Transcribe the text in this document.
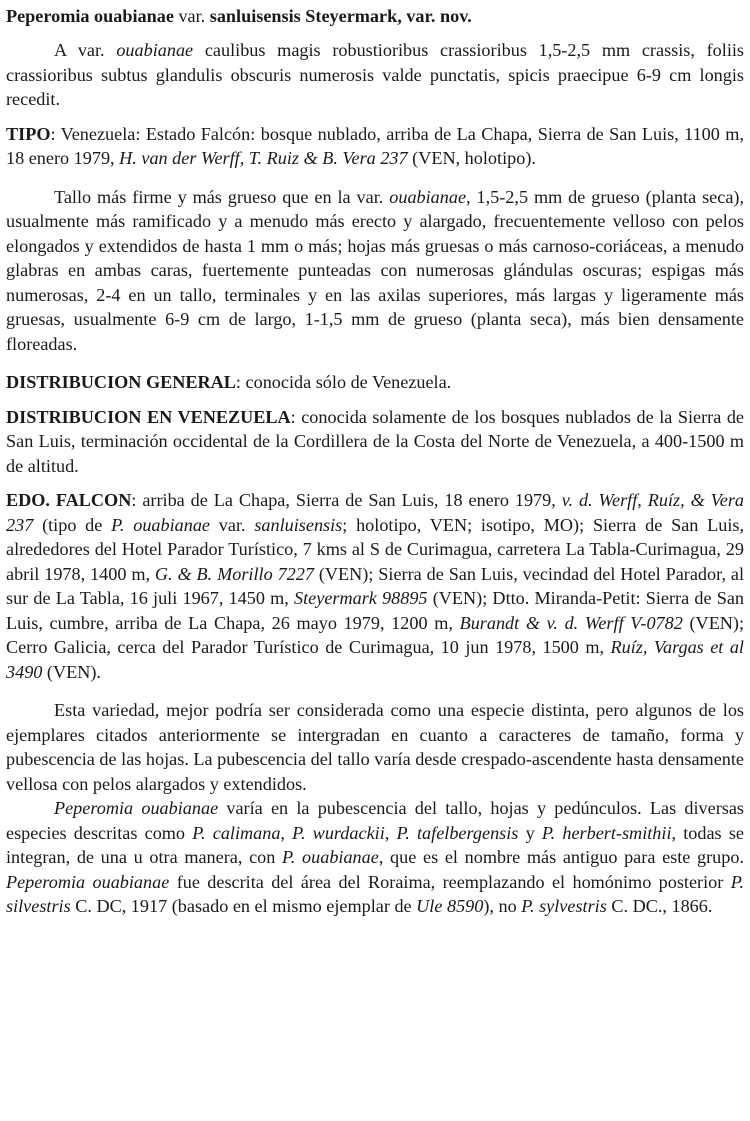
Peperomia ouabianae var. sanluisensis Steyermark, var. nov.

A var. ouabianae caulibus magis robustioribus crassioribus 1,5-2,5 mm crassis, foliis crassioribus subtus glandulis obscuris numerosis valde punctatis, spicis praecipue 6-9 cm longis recedit.

TIPO: Venezuela: Estado Falcón: bosque nublado, arriba de La Chapa, Sierra de San Luis, 1100 m, 18 enero 1979, H. van der Werff, T. Ruiz & B. Vera 237 (VEN, holotipo).

Tallo más firme y más grueso que en la var. ouabianae, 1,5-2,5 mm de grueso (planta seca), usualmente más ramificado y a menudo más erecto y alargado, frecuentemente velloso con pelos elongados y extendidos de hasta 1 mm o más; hojas más gruesas o más carnoso-coriáceas, a menudo glabras en ambas caras, fuertemente punteadas con numerosas glándulas oscuras; espigas más numerosas, 2-4 en un tallo, terminales y en las axilas superiores, más largas y ligeramente más gruesas, usualmente 6-9 cm de largo, 1-1,5 mm de grueso (planta seca), más bien densamente floreadas.

DISTRIBUCION GENERAL: conocida sólo de Venezuela.

DISTRIBUCION EN VENEZUELA: conocida solamente de los bosques nublados de la Sierra de San Luis, terminación occidental de la Cordillera de la Costa del Norte de Venezuela, a 400-1500 m de altitud.

EDO. FALCON: arriba de La Chapa, Sierra de San Luis, 18 enero 1979, v. d. Werff, Ruíz, & Vera 237 (tipo de P. ouabianae var. sanluisensis; holotipo, VEN; isotipo, MO); Sierra de San Luis, alrededores del Hotel Parador Turístico, 7 kms al S de Curimagua, carretera La Tabla-Curimagua, 29 abril 1978, 1400 m, G. & B. Morillo 7227 (VEN); Sierra de San Luis, vecindad del Hotel Parador, al sur de La Tabla, 16 juli 1967, 1450 m, Steyermark 98895 (VEN); Dtto. Miranda-Petit: Sierra de San Luis, cumbre, arriba de La Chapa, 26 mayo 1979, 1200 m, Burandt & v. d. Werff V-0782 (VEN); Cerro Galicia, cerca del Parador Turístico de Curimagua, 10 jun 1978, 1500 m, Ruíz, Vargas et al 3490 (VEN).

Esta variedad, mejor podría ser considerada como una especie distinta, pero algunos de los ejemplares citados anteriormente se intergradan en cuanto a caracteres de tamaño, forma y pubescencia de las hojas. La pubescencia del tallo varía desde crespado-ascendente hasta densamente vellosa con pelos alargados y extendidos.

Peperomia ouabianae varía en la pubescencia del tallo, hojas y pedúnculos. Las diversas especies descritas como P. calimana, P. wurdackii, P. tafelbergensis y P. herbert-smithii, todas se integran, de una u otra manera, con P. ouabianae, que es el nombre más antiguo para este grupo. Peperomia ouabianae fue descrita del área del Roraima, reemplazando el homónimo posterior P. silvestris C. DC, 1917 (basado en el mismo ejemplar de Ule 8590), no P. sylvestris C. DC., 1866.
